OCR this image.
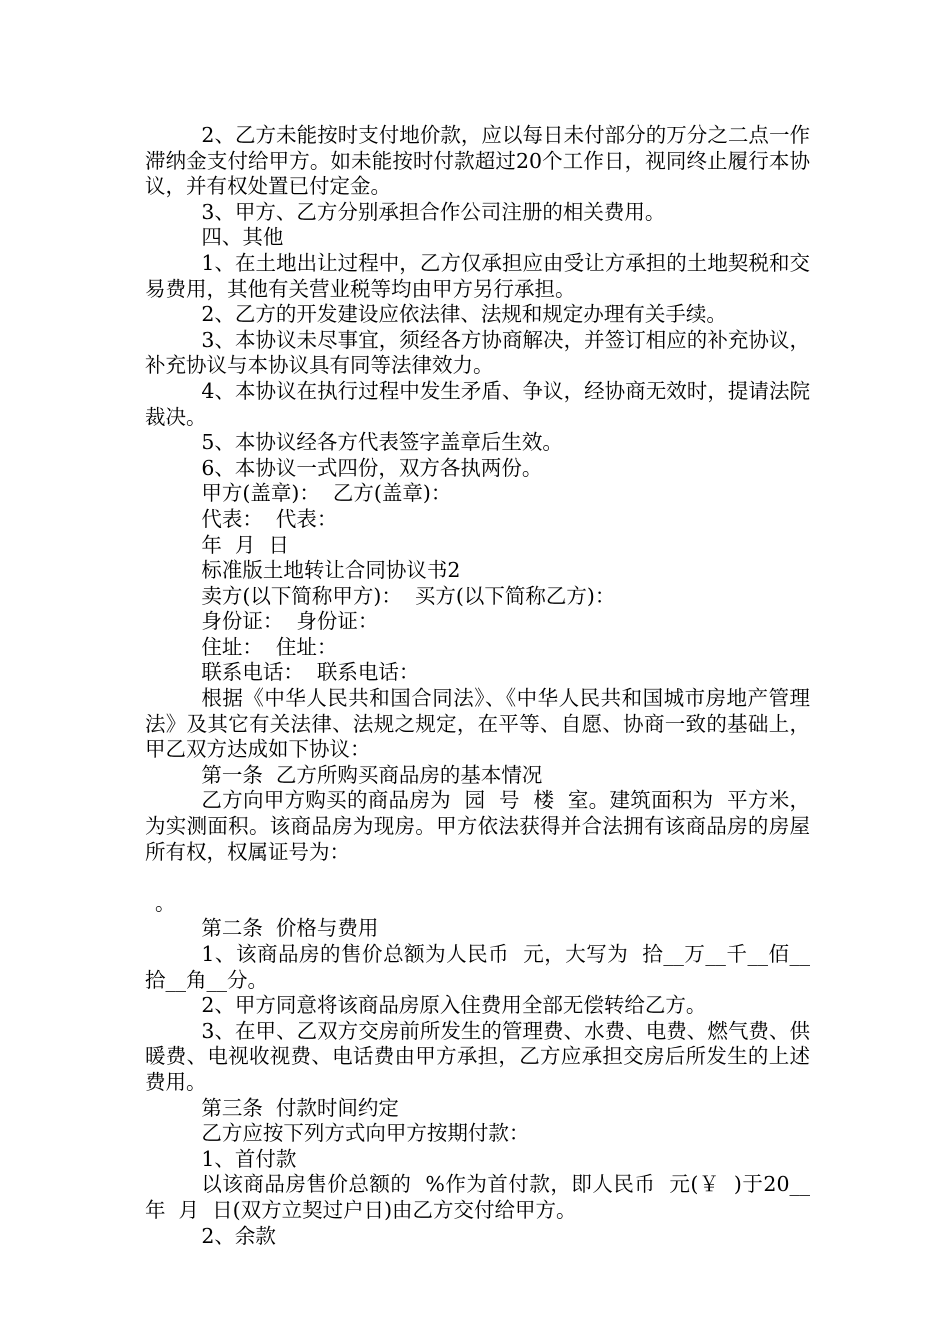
2、乙方未能按时支付地价款，应以每日未付部分的万分之二点一作滞纳金支付给甲方。如未能按时付款超过20个工作日，视同终止履行本协议，并有权处置已付定金。

3、甲方、乙方分别承担合作公司注册的相关费用。

四、其他

1、在土地出让过程中，乙方仅承担应由受让方承担的土地契税和交易费用，其他有关营业税等均由甲方另行承担。

2、乙方的开发建设应依法律、法规和规定办理有关手续。

3、本协议未尽事宜，须经各方协商解决，并签订相应的补充协议，补充协议与本协议具有同等法律效力。

4、本协议在执行过程中发生矛盾、争议，经协商无效时，提请法院裁决。

5、本协议经各方代表签字盖章后生效。

6、本协议一式四份，双方各执两份。

甲方(盖章)：  乙方(盖章)：

代表：  代表：

年  月  日

标准版土地转让合同协议书2

卖方(以下简称甲方)：  买方(以下简称乙方)：

身份证：  身份证：

住址：  住址：

联系电话：  联系电话：

根据《中华人民共和国合同法》、《中华人民共和国城市房地产管理法》及其它有关法律、法规之规定，在平等、自愿、协商一致的基础上，甲乙双方达成如下协议：

第一条  乙方所购买商品房的基本情况

乙方向甲方购买的商品房为  园  号  楼  室。建筑面积为  平方米，为实测面积。该商品房为现房。甲方依法获得并合法拥有该商品房的房屋所有权，权属证号为：

。

第二条  价格与费用

1、该商品房的售价总额为人民币  元，大写为  拾__万__千__佰__拾__角__分。

2、甲方同意将该商品房原入住费用全部无偿转给乙方。

3、在甲、乙双方交房前所发生的管理费、水费、电费、燃气费、供暖费、电视收视费、电话费由甲方承担，乙方应承担交房后所发生的上述费用。

第三条  付款时间约定

乙方应按下列方式向甲方按期付款：

1、首付款

以该商品房售价总额的  %作为首付款，即人民币  元(￥  )于20__年  月  日(双方立契过户日)由乙方交付给甲方。

2、余款
